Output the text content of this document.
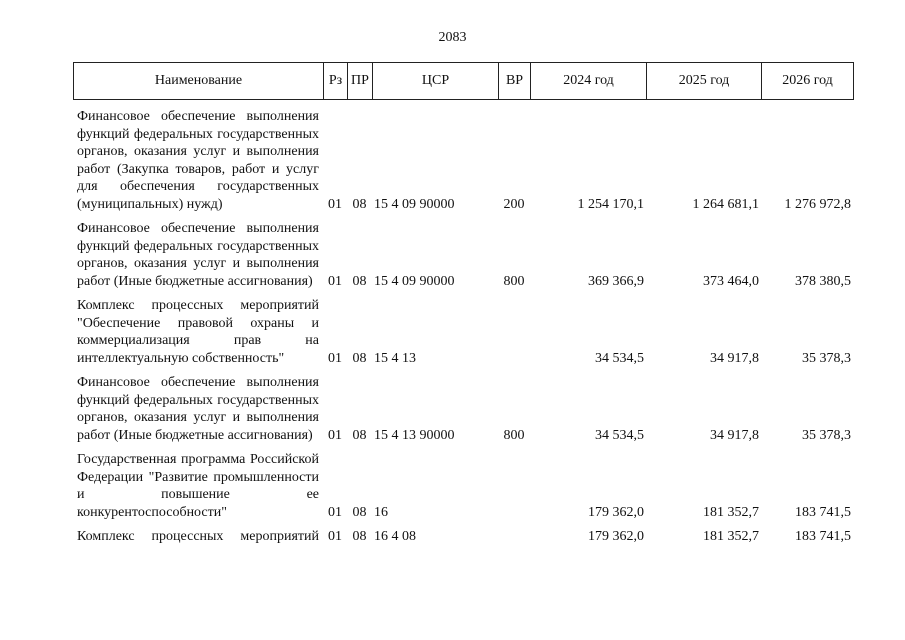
2083
Наименование	Рз	ПР	ЦСР	ВР	2024 год	2025 год	2026 год
Финансовое обеспечение выполнения функций федеральных государственных органов, оказания услуг и выполнения работ (Закупка товаров, работ и услуг для обеспечения государственных (муниципальных) нужд)	01	08	15 4 09 90000	200	1 254 170,1	1 264 681,1	1 276 972,8
Финансовое обеспечение выполнения функций федеральных государственных органов, оказания услуг и выполнения работ (Иные бюджетные ассигнования)	01	08	15 4 09 90000	800	369 366,9	373 464,0	378 380,5
Комплекс процессных мероприятий "Обеспечение правовой охраны и коммерциализация прав на интеллектуальную собственность"	01	08	15 4 13		34 534,5	34 917,8	35 378,3
Финансовое обеспечение выполнения функций федеральных государственных органов, оказания услуг и выполнения работ (Иные бюджетные ассигнования)	01	08	15 4 13 90000	800	34 534,5	34 917,8	35 378,3
Государственная программа Российской Федерации "Развитие промышленности и повышение ее конкурентоспособности"	01	08	16		179 362,0	181 352,7	183 741,5
Комплекс процессных мероприятий	01	08	16 4 08		179 362,0	181 352,7	183 741,5
